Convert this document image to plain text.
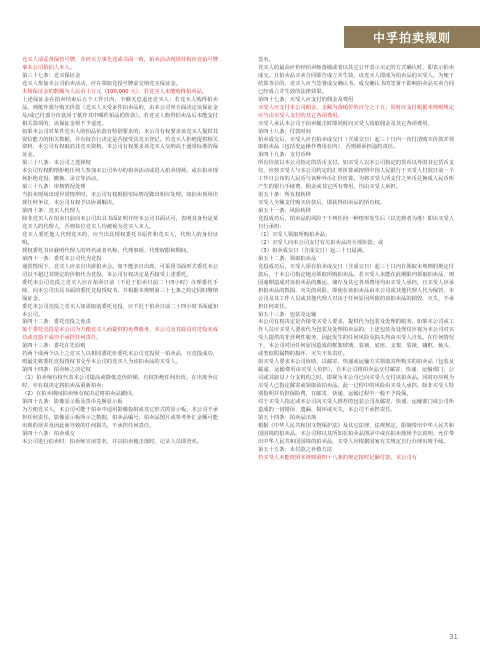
中孚拍卖规则

竞买人请妥善保管号牌，并经买方事先送或书面一致，拍卖活动现场待相应竞拍号牌拿本公司拍拍人本人。

第三十七条：竞买保证金

竞买人参加本公司拍卖活动，应在领取竞投号牌前交纳竞买保证金。

本场保证金的数额为人民币十万元（100,000 元），若竞买人未能购得拍卖品，

上述保证金在拍卖结束后五个工作日内，全额无息退还竞买人；若竞买人购得拍卖品，则抵作部分购买价款（竞买人买受多件拍卖品的，由本公司单方面决定该保证金及/或已付部分价款用于抵作其中哪件拍品的价款）。若竞买人购得拍卖品后未能支付相关款项的，该保证金将不予退还。

如果本公司对某件竞买人的拍品价款有特别要求的，本公司有权要求该竞买人提供其资信能力的相关数据，并有权自行决定是否接受其竞买登记。若竞买人拒绝提供相关资料，本公司有权取消其竞买资格。本公司有权要求该竞买人交纳高于通常标准的保证金。

第三十八条：本公司之选择权

本公司有权酌情拒绝任何人参加本公司举办的拍卖活动或进入拍卖现场，或在拍卖现场拒绝竞投，撤换、录音等活动。

第三十九条：审核情况处理

当拍卖现场出现异常情形时，本公司有权根据实际情况做出相应处理。如拍卖现场出现任何争议，本公司有权予以协调解决。

第四十条：竞买人代理人

除非竞买人在拍卖日前向本公司出具书面证明并经本公司书面认可，表明其身份是某竞买人的代理人，否则每位竞买人均被视为竞买人本人。

竞买人委托他人代理竞买的，应当出具授权委托书原件和竞买人、代理人的身份证明。

授权委托书应载明代理人的姓名或者名称、代理事项、代理权限和期间。

第四十一条：委托本公司代为竞投

通常情况下，竞买人应亲自出席拍卖会。如不能亲自出席，可采用书面形式委托本公司以不超过其规定的价格代为竞投。本公司有权决定是否接受上述委托。

委托本公司竞投之竞买人应在拍卖日前（不迟于拍卖日前二十四小时）办理委托手续，向本公司出具书面的委托竞投授权书，并根据本规则第三十七条之约定同时缴纳保证金。

委托本公司竞投之竞买人如需取消委托竞投，应不迟于拍卖日前二十四小时书面通知本公司。

第四十二条：委托竞投之免责

鉴于委托竞投是本公司为方便竞买人而提供的免费服务，本公司及其雇员对竞投未成功或竞投不成功不承担任何责任。

第四十三条：委托在先原则

若两个或两个以上之竞买人以相同委托价委托本公司竞投同一拍卖品，且竞投成功，则最先将委托竞投授权书交至本公司的竞买人为该拍卖品的买受人。

第四十四条：拍卖师之决定权

（1）拍卖师有权代表本公司提高或降低竞价阶梯，有权拒绝任何出价。在出现争议时，亦有权决定将拍卖品重新拍卖；

（2）在拍卖期间拍卖师有权决定将拍卖品撤回。

第四十五条：影像显示板及货币兑换显示板

为方便竞买人，本公司可能于拍卖中适用影像投射或其它形式的显示板。本公司不承担任何责任。影像显示板所示之数据，拍卖品编号、拍卖品图片或参考外汇金额可能出现的误差及因此而导致的任何损失，不承担任何责任。

第四十六条：拍卖成交

本公司进行拍卖时，拍卖师宣读签名，并以拍卖槌击落时，记录人员即登名。

签名。

竞买人的最高应价经拍卖师落槌或者以其它公开表示买定的方式确认时，即表示拍卖成交。且拍卖品买卖合同即告成立并生效，该竞买人即成为拍卖品的买受人。为便于结算等目的，竞买人应当签署成交确认书。成交确认书的签署不影响拍卖品买卖合同已经成立并生效的法律效果。

第四十七条：买受人应支付的佣金及费用

买受人应支付本公司佣金，金额为落槌价的百分之十五；同时应支付根据本规则规定应当由买受人支付的其它各项费用。

买受人承认本公司于拍卖槌击时即同时向买受人收取佣金及其它各项费用。

第四十八条：付款时间

拍卖成交后，买受人应自拍卖成交日（含成交日）起三十日内一次付清购买价款并领取拍卖品（包括发运操作费用在内），否则须承担违约责任。

第四十九条：支付币种

所有价款以本公司指定的货币支付。如买受人以本公司指定的货币以外的其它货币支付，应按买受人与本公司约定的汇率折算或按照中国人民银行于买受人付款日前一个工作日公布的人民币与该种外币汇价折算。为将买受人所支付之外币兑换成人民币所产生的银行手续费、佣金或其它所有费用，均由买受人承担。

第五十条：所有权转移

买受人全额支付购买价款后，即获得拍卖品的所有权。

第五十一条：风险转移

竞投成功后，拍卖品的风险于下列任何一种情形发生后（以先到者为准）即由买受人自行承担：

（1）买受人领取所购拍卖品；

（2）买受人向本公司支付有关拍卖品的全部价款；或

（3）拍卖成交日（含成交日）起三十日届满。

第五十二条：领取拍卖品

竞投成功后，买受人须在拍卖成交日（含成交日）起三十日内在领取本规则的规定付款后，于本公司指定地点领取所购拍卖品。若买受人未能在此期限内领取拍卖品，则因逾期造成对该拍卖品的搬运、储存及其它各项费用均由买受人承担，且买受人应承担拍卖品的毁损、灭失的风险。即使在该拍卖品由本公司或其他代理人代为保管，本公司及其工作人员或其他代理人对由于任何原因所致的该拍卖品的损毁、灭失，不承担任何责任。

第五十三条：包装及运输

本公司有权决定是否接受买受人要求，提供代为包装及处理的服务。如果本公司或工作人员应买受人要求代为包装及处理拍卖品的，上述包装及处理仅应视为本公司对买受人提供的非营利性服务，因此发生的任何风险及损失均由买受人自负。在任何情况下，本公司对因任何原因造成的框架玻璃、装裱、底座、支架、装裱、镶框、轴头、或类似附属物的损坏、灭失不负责任。

如买受人要求本公司协助，以邮寄、快递或运输方式领取其所购买的拍卖品（包装及邮递、运输费用由买受人负担），自本公司将拍卖品交付邮寄、快递、运输部门、公司或其雇员 / 分支机构之时，即视为本公司已向买受人交付该拍卖品。同时亦应视为买受人已指定邮寄或领取该拍卖品。此一过程中的风险由买受人承担。除非买受人特别指明并负担保险费，在邮寄、快递、运输过程中一般不予投保。

对于买受人指定或本公司向买受人推荐的包装公司及邮寄、快递、运输部门或公司所造成的一切错误、遗漏、损坏或灭失，本公司不承担责任。

第五十四条：拍卖品出境

根据《中华人民共和国文物保护法》及其它法律、法规规定，限制带出中华人民共和国国境的拍卖品，本公司将以其所知在拍卖品图录中或在拍卖现场予以说明；允许带出中华人民共和国国境的拍卖品，买受人应根据国家有关规定自行办理出境手续。

第五十五条：未付款之补救方法

若买受人未能按照本规则第四十八条的规定按时足额付款，本公司有

31
